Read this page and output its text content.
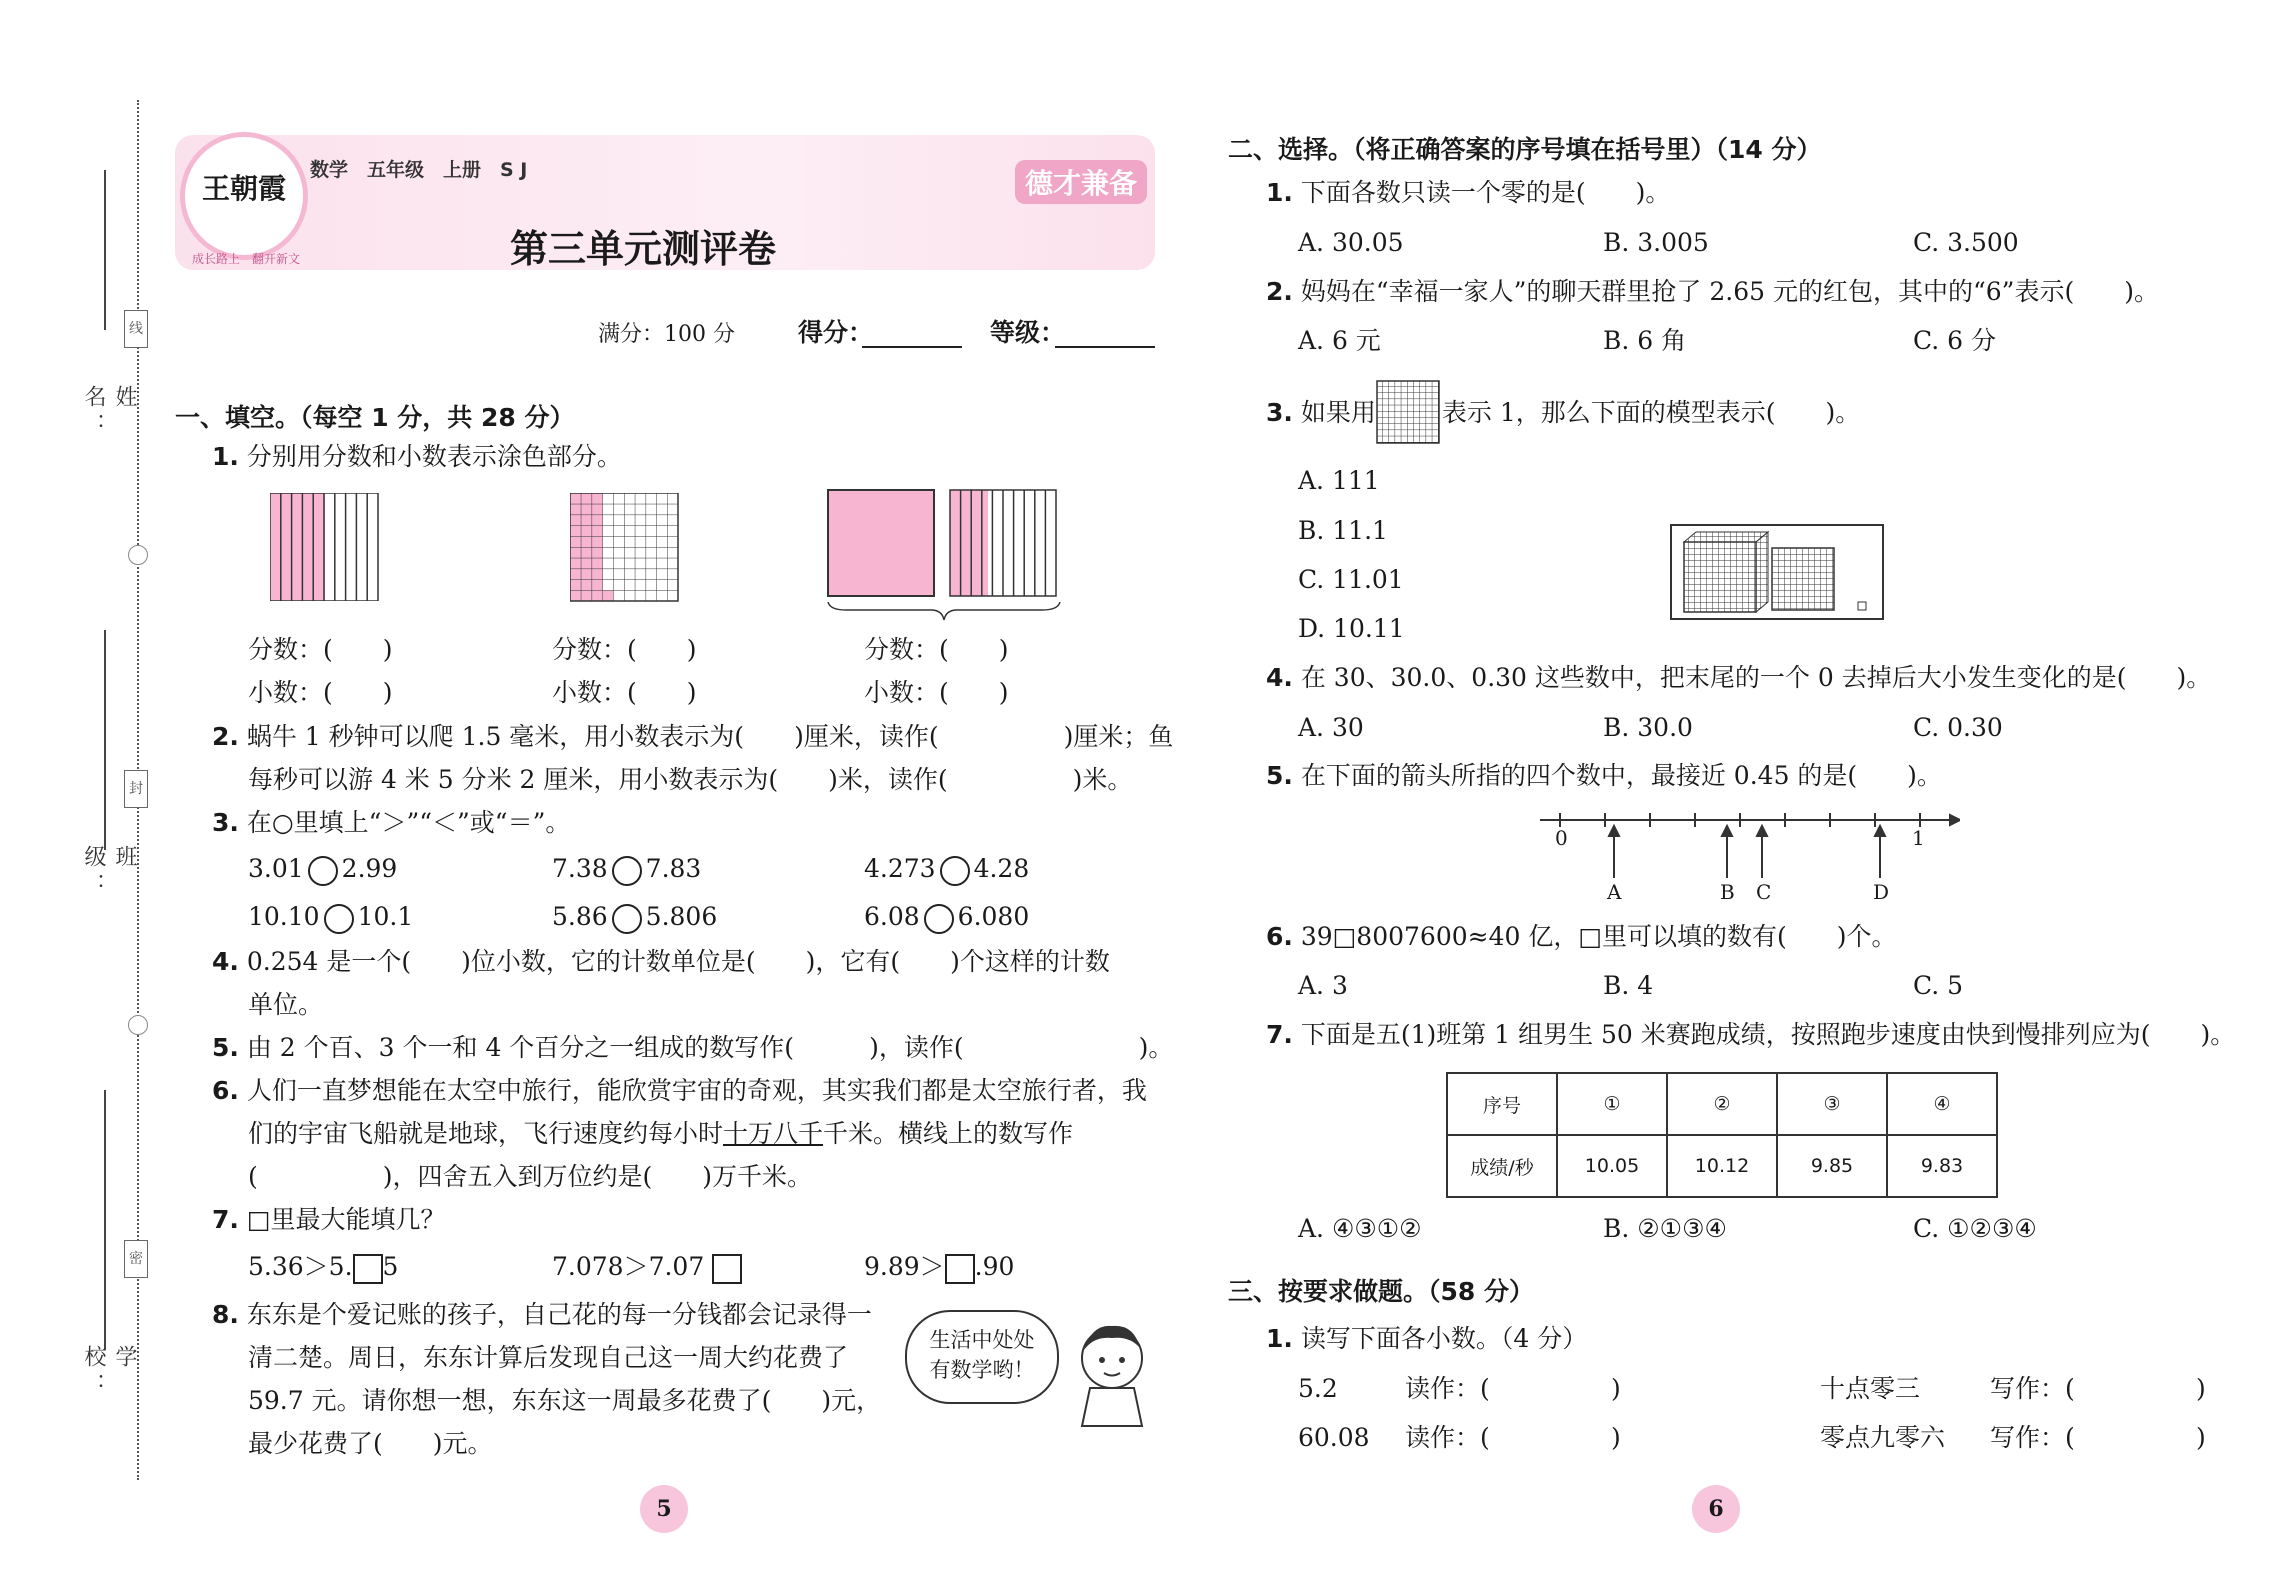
姓 名：
班 级：
学 校：
线
封
密
王朝霞
成长路上　翻开新文
数学　五年级　上册　S J	德才兼备
第三单元测评卷
满分：100 分	得分：	等级：
一、填空。（每空 1 分，共 28 分）
1. 分别用分数和小数表示涂色部分。
分数：(　　)	分数：(　　)	分数：(　　)
小数：(　　)	小数：(　　)	小数：(　　)
2. 蜗牛 1 秒钟可以爬 1.5 毫米，用小数表示为(　　)厘米，读作(　　　　　)厘米；鱼
每秒可以游 4 米 5 分米 2 厘米，用小数表示为(　　)米，读作(　　　　　)米。
3. 在○里填上“＞”“＜”或“＝”。
3.01 2.99	7.38 7.83	4.273 4.28
10.10 10.1	5.86 5.806	6.08 6.080
4. 0.254 是一个(　　)位小数，它的计数单位是(　　)，它有(　　)个这样的计数
单位。
5. 由 2 个百、3 个一和 4 个百分之一组成的数写作(　　　)，读作(　　　　　　　)。
6. 人们一直梦想能在太空中旅行，能欣赏宇宙的奇观，其实我们都是太空旅行者，我
们的宇宙飞船就是地球，飞行速度约每小时十万八千千米。横线上的数写作
(　　　　　)，四舍五入到万位约是(　　)万千米。
7. □里最大能填几？
5.36＞5. 5	7.078＞7.07	9.89＞ .90
8. 东东是个爱记账的孩子，自己花的每一分钱都会记录得一
清二楚。周日，东东计算后发现自己这一周大约花费了
59.7 元。请你想一想，东东这一周最多花费了(　　)元，
最少花费了(　　)元。
生活中处处
有数学哟！
5
二、选择。（将正确答案的序号填在括号里）（14 分）
1. 下面各数只读一个零的是(　　)。
A. 30.05	B. 3.005	C. 3.500
2. 妈妈在“幸福一家人”的聊天群里抢了 2.65 元的红包，其中的“6”表示(　　)。
A. 6 元	B. 6 角	C. 6 分
3. 如果用	表示 1，那么下面的模型表示(　　)。
A. 111
B. 11.1
C. 11.01
D. 10.11
4. 在 30、30.0、0.30 这些数中，把末尾的一个 0 去掉后大小发生变化的是(　　)。
A. 30	B. 30.0	C. 0.30
5. 在下面的箭头所指的四个数中，最接近 0.45 的是(　　)。
0	1
A	B C	D
6. 39□8007600≈40 亿，□里可以填的数有(　　)个。
A. 3	B. 4	C. 5
7. 下面是五(1)班第 1 组男生 50 米赛跑成绩，按照跑步速度由快到慢排列应为(　　)。
序号	①	②	③	④
成绩/秒	10.05	10.12	9.85	9.83
A. ④③①②	B. ②①③④	C. ①②③④
三、按要求做题。（58 分）
1. 读写下面各小数。（4 分）
5.2	读作：(	)	十点零三	写作：(	)
60.08 读作：(	)	零点九零六 写作：(	)
6
